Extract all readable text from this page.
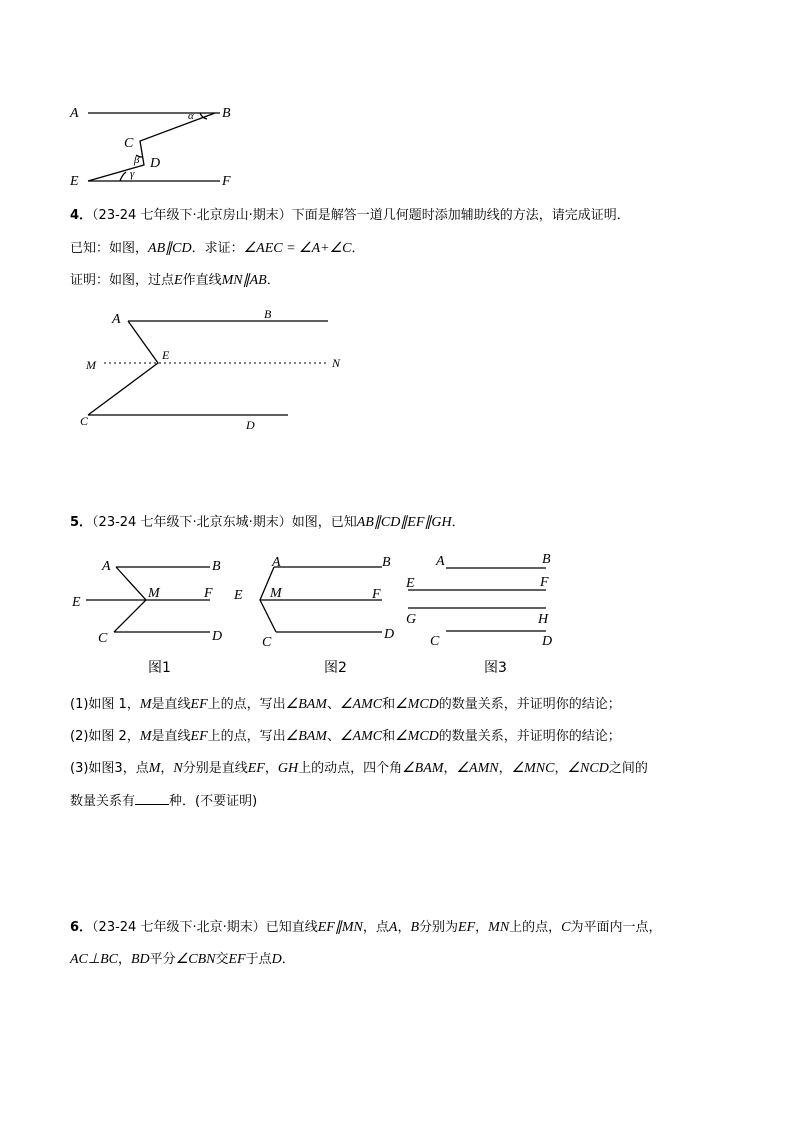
A	B
C
D
E	F
α
β
γ
4．（23-24 七年级下·北京房山·期末）下面是解答一道几何题时添加辅助线的方法，请完成证明．
已知：如图，AB∥CD．求证：∠AEC = ∠A+∠C．
证明：如图，过点E作直线MN∥AB．
A	B
M
E
N
C	D
5．（23-24 七年级下·北京东城·期末）如图，已知AB∥CD∥EF∥GH．
A	B
E
M	F
C	D
图1
A	B
E M	F
C
D
图2
A	B
E	F
G	H
C	D
图3
(1)如图 1，M是直线EF上的点，写出∠BAM、∠AMC和∠MCD的数量关系，并证明你的结论；
(2)如图 2，M是直线EF上的点，写出∠BAM、∠AMC和∠MCD的数量关系，并证明你的结论；
(3)如图3，点M，N分别是直线EF，GH上的动点，四个角∠BAM，∠AMN，∠MNC，∠NCD之间的
数量关系有	种．(不要证明)
6．（23-24 七年级下·北京·期末）已知直线EF∥MN，点A，B分别为EF，MN上的点，C为平面内一点，
AC⊥BC，BD平分∠CBN交EF于点D．
